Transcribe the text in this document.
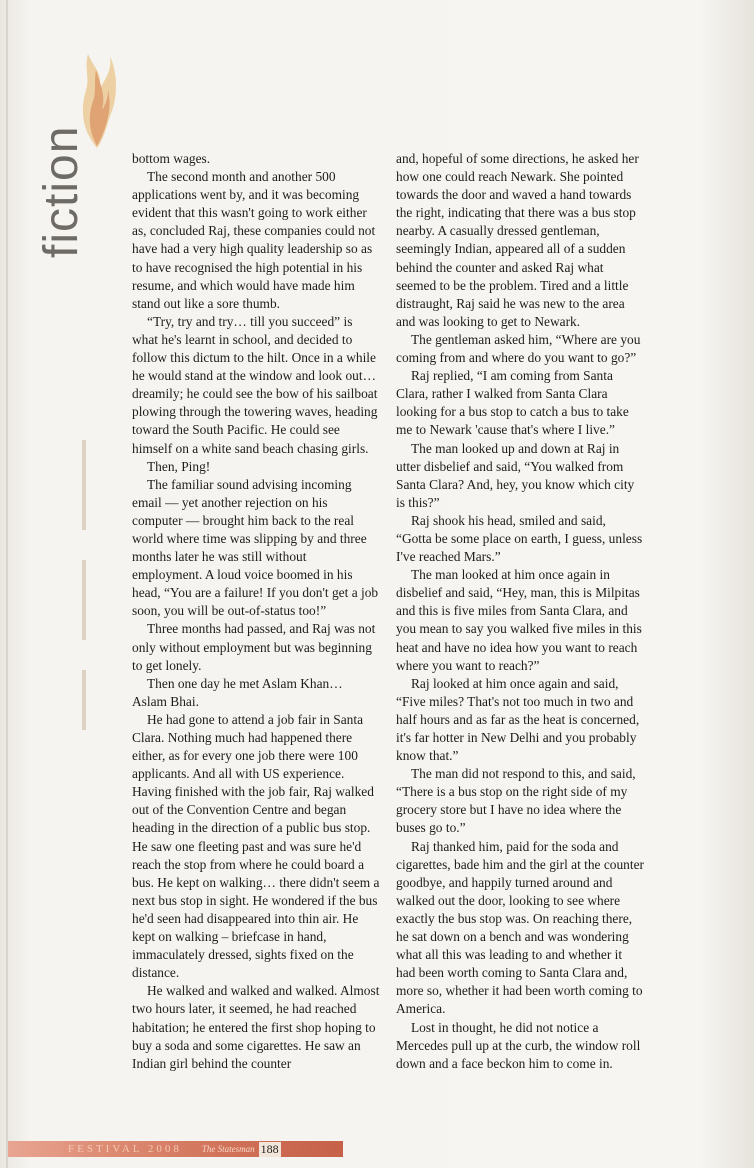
fiction	bottom wages.

The second month and another 500 applications went by, and it was becoming evident that this wasn't going to work either as, concluded Raj, these companies could not have had a very high quality leadership so as to have recognised the high potential in his resume, and which would have made him stand out like a sore thumb.

“Try, try and try… till you succeed” is what he's learnt in school, and decided to follow this dictum to the hilt. Once in a while he would stand at the window and look out… dreamily; he could see the bow of his sailboat plowing through the towering waves, heading toward the South Pacific. He could see himself on a white sand beach chasing girls.

Then, Ping!

The familiar sound advising incoming email — yet another rejection on his computer — brought him back to the real world where time was slipping by and three months later he was still without employment. A loud voice boomed in his head, “You are a failure! If you don't get a job soon, you will be out-of-status too!”

Three months had passed, and Raj was not only without employment but was beginning to get lonely.

Then one day he met Aslam Khan… Aslam Bhai.

He had gone to attend a job fair in Santa Clara. Nothing much had happened there either, as for every one job there were 100 applicants. And all with US experience. Having finished with the job fair, Raj walked out of the Convention Centre and began heading in the direction of a public bus stop. He saw one fleeting past and was sure he'd reach the stop from where he could board a bus. He kept on walking… there didn't seem a next bus stop in sight. He wondered if the bus he'd seen had disappeared into thin air. He kept on walking – briefcase in hand, immaculately dressed, sights fixed on the distance.

He walked and walked and walked. Almost two hours later, it seemed, he had reached habitation; he entered the first shop hoping to buy a soda and some cigarettes. He saw an Indian girl behind the counter

and, hopeful of some directions, he asked her how one could reach Newark. She pointed towards the door and waved a hand towards the right, indicating that there was a bus stop nearby. A casually dressed gentleman, seemingly Indian, appeared all of a sudden behind the counter and asked Raj what seemed to be the problem. Tired and a little distraught, Raj said he was new to the area and was looking to get to Newark.

The gentleman asked him, “Where are you coming from and where do you want to go?”

Raj replied, “I am coming from Santa Clara, rather I walked from Santa Clara looking for a bus stop to catch a bus to take me to Newark 'cause that's where I live.”

The man looked up and down at Raj in utter disbelief and said, “You walked from Santa Clara? And, hey, you know which city is this?”

Raj shook his head, smiled and said, “Gotta be some place on earth, I guess, unless I've reached Mars.”

The man looked at him once again in disbelief and said, “Hey, man, this is Milpitas and this is five miles from Santa Clara, and you mean to say you walked five miles in this heat and have no idea how you want to reach where you want to reach?”

Raj looked at him once again and said, “Five miles? That's not too much in two and half hours and as far as the heat is concerned, it's far hotter in New Delhi and you probably know that.”

The man did not respond to this, and said, “There is a bus stop on the right side of my grocery store but I have no idea where the buses go to.”

Raj thanked him, paid for the soda and cigarettes, bade him and the girl at the counter goodbye, and happily turned around and walked out the door, looking to see where exactly the bus stop was. On reaching there, he sat down on a bench and was wondering what all this was leading to and whether it had been worth coming to Santa Clara and, more so, whether it had been worth coming to America.

Lost in thought, he did not notice a Mercedes pull up at the curb, the window roll down and a face beckon him to come in.

FESTIVAL 2008 The Statesman 188
